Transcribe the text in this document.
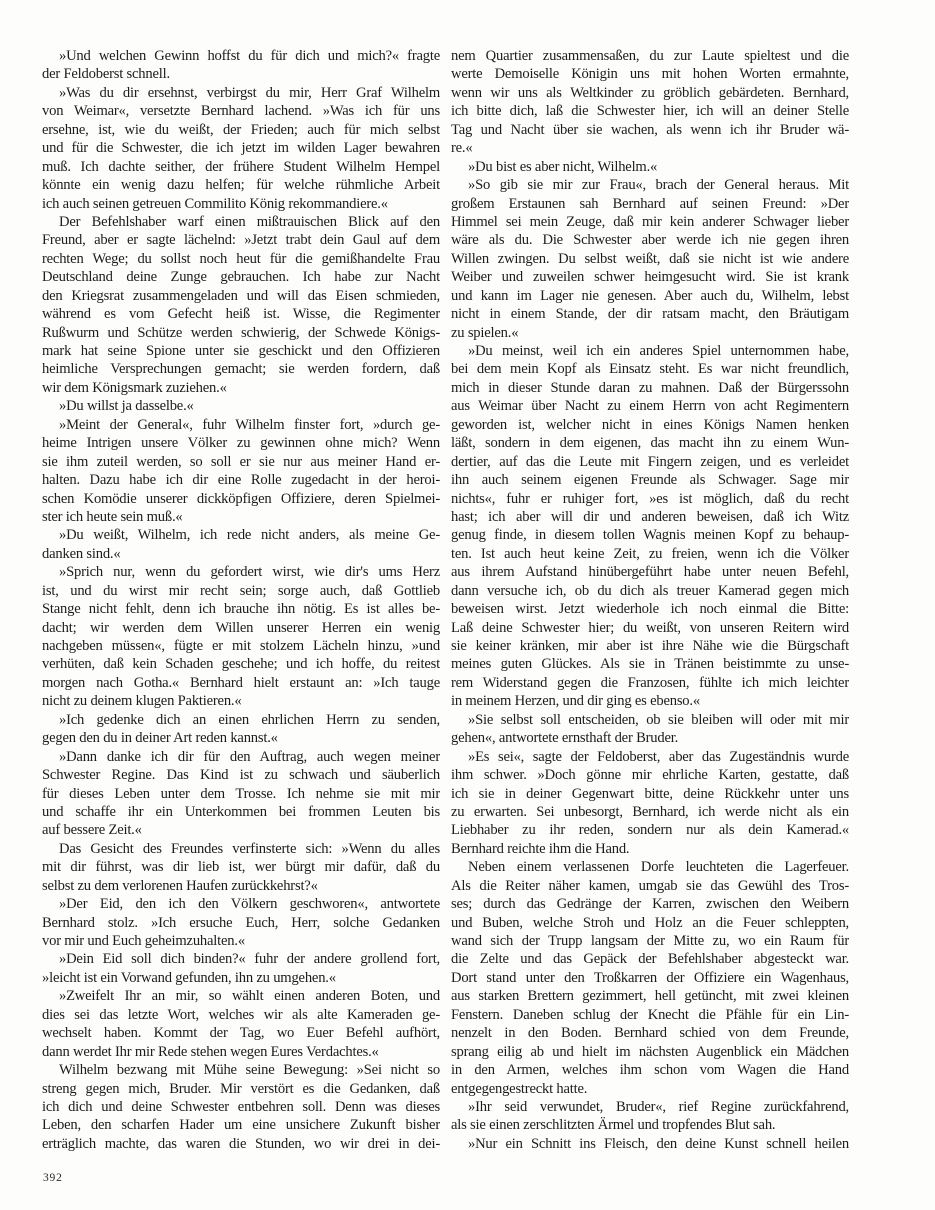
»Und welchen Gewinn hoffst du für dich und mich?« fragte
der Feldoberst schnell.
»Was du dir ersehnst, verbirgst du mir, Herr Graf Wilhelm
von Weimar«, versetzte Bernhard lachend. »Was ich für uns
ersehne, ist, wie du weißt, der Frieden; auch für mich selbst
und für die Schwester, die ich jetzt im wilden Lager bewahren
muß. Ich dachte seither, der frühere Student Wilhelm Hempel
könnte ein wenig dazu helfen; für welche rühmliche Arbeit
ich auch seinen getreuen Commilito König rekommandiere.«
Der Befehlshaber warf einen mißtrauischen Blick auf den
Freund, aber er sagte lächelnd: »Jetzt trabt dein Gaul auf dem
rechten Wege; du sollst noch heut für die gemißhandelte Frau
Deutschland deine Zunge gebrauchen. Ich habe zur Nacht
den Kriegsrat zusammengeladen und will das Eisen schmieden,
während es vom Gefecht heiß ist. Wisse, die Regimenter
Rußwurm und Schütze werden schwierig, der Schwede Königs-
mark hat seine Spione unter sie geschickt und den Offizieren
heimliche Versprechungen gemacht; sie werden fordern, daß
wir dem Königsmark zuziehen.«
»Du willst ja dasselbe.«
»Meint der General«, fuhr Wilhelm finster fort, »durch ge-
heime Intrigen unsere Völker zu gewinnen ohne mich? Wenn
sie ihm zuteil werden, so soll er sie nur aus meiner Hand er-
halten. Dazu habe ich dir eine Rolle zugedacht in der heroi-
schen Komödie unserer dickköpfigen Offiziere, deren Spielmei-
ster ich heute sein muß.«
»Du weißt, Wilhelm, ich rede nicht anders, als meine Ge-
danken sind.«
»Sprich nur, wenn du gefordert wirst, wie dir's ums Herz
ist, und du wirst mir recht sein; sorge auch, daß Gottlieb
Stange nicht fehlt, denn ich brauche ihn nötig. Es ist alles be-
dacht; wir werden dem Willen unserer Herren ein wenig
nachgeben müssen«, fügte er mit stolzem Lächeln hinzu, »und
verhüten, daß kein Schaden geschehe; und ich hoffe, du reitest
morgen nach Gotha.« Bernhard hielt erstaunt an: »Ich tauge
nicht zu deinem klugen Paktieren.«
»Ich gedenke dich an einen ehrlichen Herrn zu senden,
gegen den du in deiner Art reden kannst.«
»Dann danke ich dir für den Auftrag, auch wegen meiner
Schwester Regine. Das Kind ist zu schwach und säuberlich
für dieses Leben unter dem Trosse. Ich nehme sie mit mir
und schaffe ihr ein Unterkommen bei frommen Leuten bis
auf bessere Zeit.«
Das Gesicht des Freundes verfinsterte sich: »Wenn du alles
mit dir führst, was dir lieb ist, wer bürgt mir dafür, daß du
selbst zu dem verlorenen Haufen zurückkehrst?«
»Der Eid, den ich den Völkern geschworen«, antwortete
Bernhard stolz. »Ich ersuche Euch, Herr, solche Gedanken
vor mir und Euch geheimzuhalten.«
»Dein Eid soll dich binden?« fuhr der andere grollend fort,
»leicht ist ein Vorwand gefunden, ihn zu umgehen.«
»Zweifelt Ihr an mir, so wählt einen anderen Boten, und
dies sei das letzte Wort, welches wir als alte Kameraden ge-
wechselt haben. Kommt der Tag, wo Euer Befehl aufhört,
dann werdet Ihr mir Rede stehen wegen Eures Verdachtes.«
Wilhelm bezwang mit Mühe seine Bewegung: »Sei nicht so
streng gegen mich, Bruder. Mir verstört es die Gedanken, daß
ich dich und deine Schwester entbehren soll. Denn was dieses
Leben, den scharfen Hader um eine unsichere Zukunft bisher
erträglich machte, das waren die Stunden, wo wir drei in dei-
nem Quartier zusammensaßen, du zur Laute spieltest und die
werte Demoiselle Königin uns mit hohen Worten ermahnte,
wenn wir uns als Weltkinder zu gröblich gebärdeten. Bernhard,
ich bitte dich, laß die Schwester hier, ich will an deiner Stelle
Tag und Nacht über sie wachen, als wenn ich ihr Bruder wä-
re.«
»Du bist es aber nicht, Wilhelm.«
»So gib sie mir zur Frau«, brach der General heraus. Mit
großem Erstaunen sah Bernhard auf seinen Freund: »Der
Himmel sei mein Zeuge, daß mir kein anderer Schwager lieber
wäre als du. Die Schwester aber werde ich nie gegen ihren
Willen zwingen. Du selbst weißt, daß sie nicht ist wie andere
Weiber und zuweilen schwer heimgesucht wird. Sie ist krank
und kann im Lager nie genesen. Aber auch du, Wilhelm, lebst
nicht in einem Stande, der dir ratsam macht, den Bräutigam
zu spielen.«
»Du meinst, weil ich ein anderes Spiel unternommen habe,
bei dem mein Kopf als Einsatz steht. Es war nicht freundlich,
mich in dieser Stunde daran zu mahnen. Daß der Bürgerssohn
aus Weimar über Nacht zu einem Herrn von acht Regimentern
geworden ist, welcher nicht in eines Königs Namen henken
läßt, sondern in dem eigenen, das macht ihn zu einem Wun-
dertier, auf das die Leute mit Fingern zeigen, und es verleidet
ihn auch seinem eigenen Freunde als Schwager. Sage mir
nichts«, fuhr er ruhiger fort, »es ist möglich, daß du recht
hast; ich aber will dir und anderen beweisen, daß ich Witz
genug finde, in diesem tollen Wagnis meinen Kopf zu behaup-
ten. Ist auch heut keine Zeit, zu freien, wenn ich die Völker
aus ihrem Aufstand hinübergeführt habe unter neuen Befehl,
dann versuche ich, ob du dich als treuer Kamerad gegen mich
beweisen wirst. Jetzt wiederhole ich noch einmal die Bitte:
Laß deine Schwester hier; du weißt, von unseren Reitern wird
sie keiner kränken, mir aber ist ihre Nähe wie die Bürgschaft
meines guten Glückes. Als sie in Tränen beistimmte zu unse-
rem Widerstand gegen die Franzosen, fühlte ich mich leichter
in meinem Herzen, und dir ging es ebenso.«
»Sie selbst soll entscheiden, ob sie bleiben will oder mit mir
gehen«, antwortete ernsthaft der Bruder.
»Es sei«, sagte der Feldoberst, aber das Zugeständnis wurde
ihm schwer. »Doch gönne mir ehrliche Karten, gestatte, daß
ich sie in deiner Gegenwart bitte, deine Rückkehr unter uns
zu erwarten. Sei unbesorgt, Bernhard, ich werde nicht als ein
Liebhaber zu ihr reden, sondern nur als dein Kamerad.«
Bernhard reichte ihm die Hand.
Neben einem verlassenen Dorfe leuchteten die Lagerfeuer.
Als die Reiter näher kamen, umgab sie das Gewühl des Tros-
ses; durch das Gedränge der Karren, zwischen den Weibern
und Buben, welche Stroh und Holz an die Feuer schleppten,
wand sich der Trupp langsam der Mitte zu, wo ein Raum für
die Zelte und das Gepäck der Befehlshaber abgesteckt war.
Dort stand unter den Troßkarren der Offiziere ein Wagenhaus,
aus starken Brettern gezimmert, hell getüncht, mit zwei kleinen
Fenstern. Daneben schlug der Knecht die Pfähle für ein Lin-
nenzelt in den Boden. Bernhard schied von dem Freunde,
sprang eilig ab und hielt im nächsten Augenblick ein Mädchen
in den Armen, welches ihm schon vom Wagen die Hand
entgegengestreckt hatte.
»Ihr seid verwundet, Bruder«, rief Regine zurückfahrend,
als sie einen zerschlitzten Ärmel und tropfendes Blut sah.
»Nur ein Schnitt ins Fleisch, den deine Kunst schnell heilen
392
